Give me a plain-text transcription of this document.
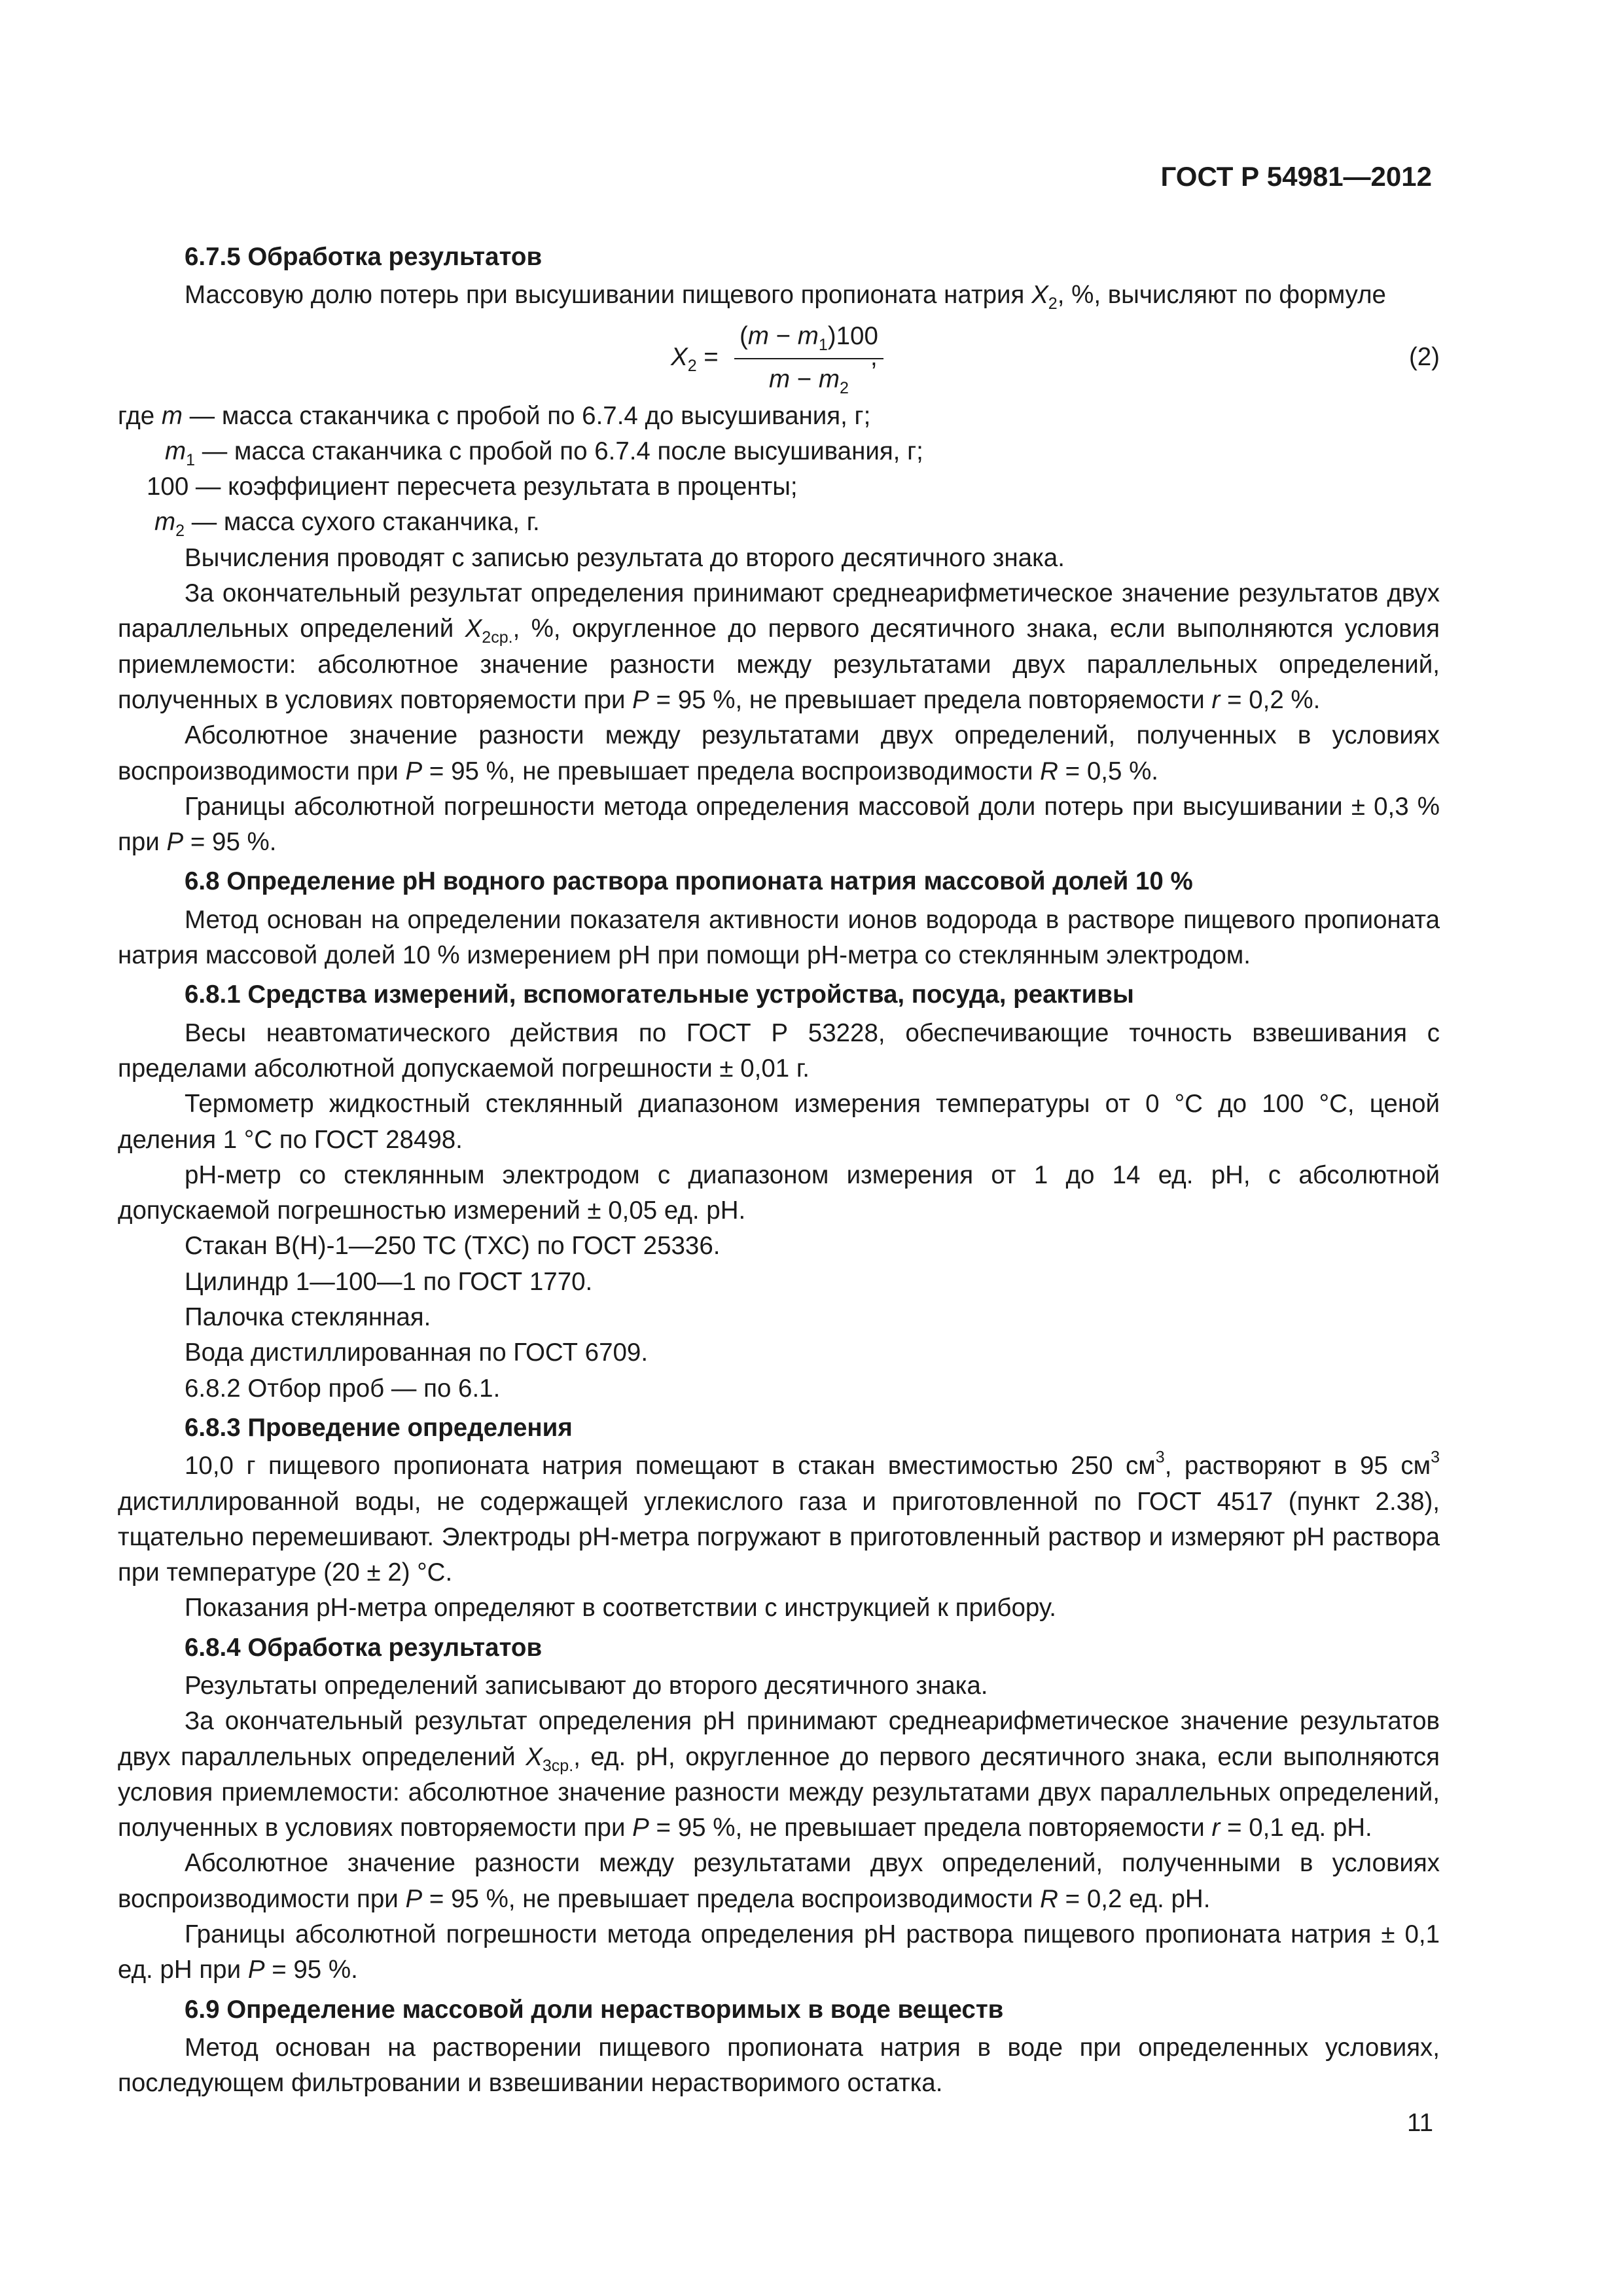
ГОСТ Р 54981—2012

6.7.5 Обработка результатов

Массовую долю потерь при высушивании пищевого пропионата натрия $X_2$, %, вычисляют по формуле

$X_2 = \frac{(m - m_1)100}{m - m_2}$
,	(2)

где m — масса стаканчика с пробой по 6.7.4 до высушивания, г;

$m_1$ — масса стаканчика с пробой по 6.7.4 после высушивания, г;

100 — коэффициент пересчета результата в проценты;

$m_2$ — масса сухого стаканчика, г.

Вычисления проводят с записью результата до второго десятичного знака.

За окончательный результат определения принимают среднеарифметическое значение результатов двух параллельных определений $X_{2ср.}$, %, округленное до первого десятичного знака, если выполняются условия приемлемости: абсолютное значение разности между результатами двух параллельных определений, полученных в условиях повторяемости при P = 95 %, не превышает предела повторяемости r = 0,2 %.

Абсолютное значение разности между результатами двух определений, полученных в условиях воспроизводимости при P = 95 %, не превышает предела воспроизводимости R = 0,5 %.

Границы абсолютной погрешности метода определения массовой доли потерь при высушивании ± 0,3 % при P = 95 %.

6.8 Определение рН водного раствора пропионата натрия массовой долей 10 %

Метод основан на определении показателя активности ионов водорода в растворе пищевого пропионата натрия массовой долей 10 % измерением рН при помощи рН-метра со стеклянным электродом.

6.8.1 Средства измерений, вспомогательные устройства, посуда, реактивы

Весы неавтоматического действия по ГОСТ Р 53228, обеспечивающие точность взвешивания с пределами абсолютной допускаемой погрешности ± 0,01 г.

Термометр жидкостный стеклянный диапазоном измерения температуры от 0 °С до 100 °С, ценой деления 1 °С по ГОСТ 28498.

рН-метр со стеклянным электродом с диапазоном измерения от 1 до 14 ед. рН, с абсолютной допускаемой погрешностью измерений ± 0,05 ед. рН.

Стакан В(Н)-1—250 ТС (ТХС) по ГОСТ 25336.

Цилиндр 1—100—1 по ГОСТ 1770.

Палочка стеклянная.

Вода дистиллированная по ГОСТ 6709.

6.8.2 Отбор проб — по 6.1.

6.8.3 Проведение определения

10,0 г пищевого пропионата натрия помещают в стакан вместимостью 250 $см^3$, растворяют в 95 $см^3$ дистиллированной воды, не содержащей углекислого газа и приготовленной по ГОСТ 4517 (пункт 2.38), тщательно перемешивают. Электроды рН-метра погружают в приготовленный раствор и измеряют рН раствора при температуре (20 ± 2) °С.

Показания рН-метра определяют в соответствии с инструкцией к прибору.

6.8.4 Обработка результатов

Результаты определений записывают до второго десятичного знака.

За окончательный результат определения рН принимают среднеарифметическое значение результатов двух параллельных определений $X_{3ср.}$, ед. рН, округленное до первого десятичного знака, если выполняются условия приемлемости: абсолютное значение разности между результатами двух параллельных определений, полученных в условиях повторяемости при P = 95 %, не превышает предела повторяемости r = 0,1 ед. рН.

Абсолютное значение разности между результатами двух определений, полученными в условиях воспроизводимости при P = 95 %, не превышает предела воспроизводимости R = 0,2 ед. рН.

Границы абсолютной погрешности метода определения рН раствора пищевого пропионата натрия ± 0,1 ед. рН при P = 95 %.

6.9 Определение массовой доли нерастворимых в воде веществ

Метод основан на растворении пищевого пропионата натрия в воде при определенных условиях, последующем фильтровании и взвешивании нерастворимого остатка.

11
